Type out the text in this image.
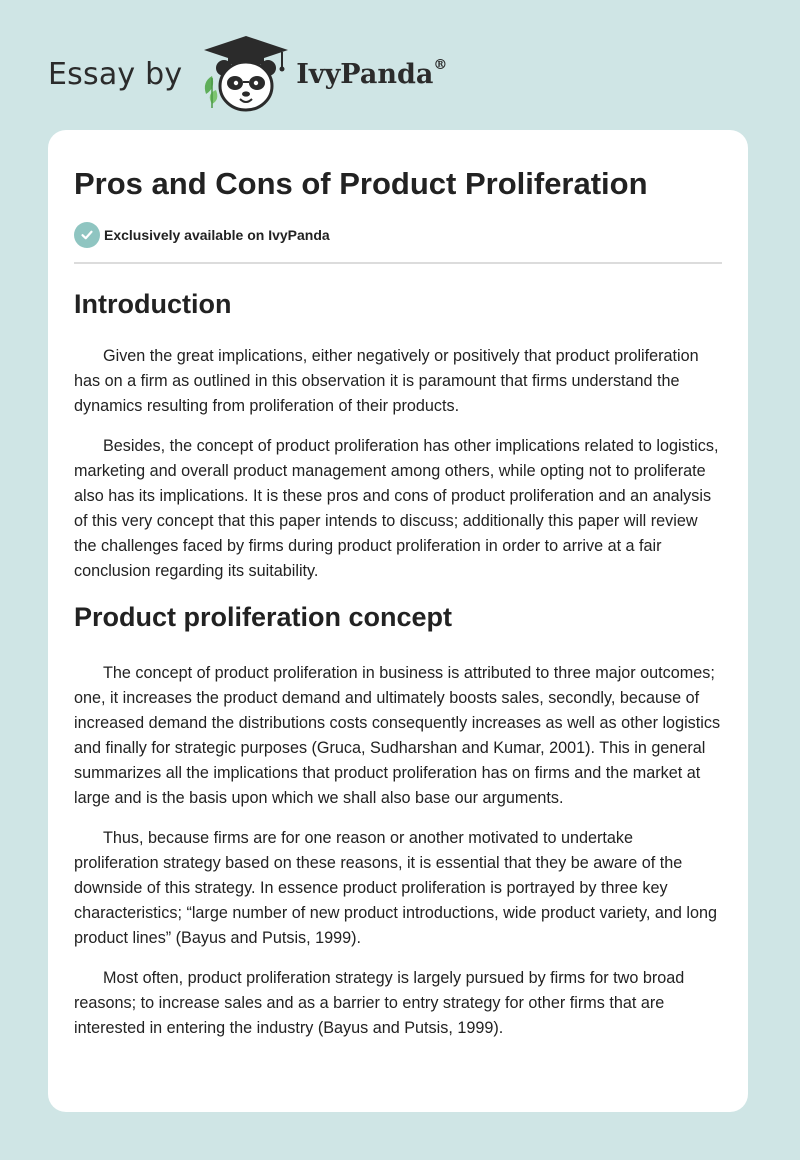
Essay by	IvyPanda®
Pros and Cons of Product Proliferation
Exclusively available on IvyPanda
Introduction

Given the great implications, either negatively or positively that product proliferation has on a firm as outlined in this observation it is paramount that firms understand the dynamics resulting from proliferation of their products.

Besides, the concept of product proliferation has other implications related to logistics, marketing and overall product management among others, while opting not to proliferate also has its implications. It is these pros and cons of product proliferation and an analysis of this very concept that this paper intends to discuss; additionally this paper will review the challenges faced by firms during product proliferation in order to arrive at a fair conclusion regarding its suitability.

Product proliferation concept

The concept of product proliferation in business is attributed to three major outcomes; one, it increases the product demand and ultimately boosts sales, secondly, because of increased demand the distributions costs consequently increases as well as other logistics and finally for strategic purposes (Gruca, Sudharshan and Kumar, 2001). This in general summarizes all the implications that product proliferation has on firms and the market at large and is the basis upon which we shall also base our arguments.

Thus, because firms are for one reason or another motivated to undertake proliferation strategy based on these reasons, it is essential that they be aware of the downside of this strategy. In essence product proliferation is portrayed by three key characteristics; “large number of new product introductions, wide product variety, and long product lines” (Bayus and Putsis, 1999).

Most often, product proliferation strategy is largely pursued by firms for two broad reasons; to increase sales and as a barrier to entry strategy for other firms that are interested in entering the industry (Bayus and Putsis, 1999).
